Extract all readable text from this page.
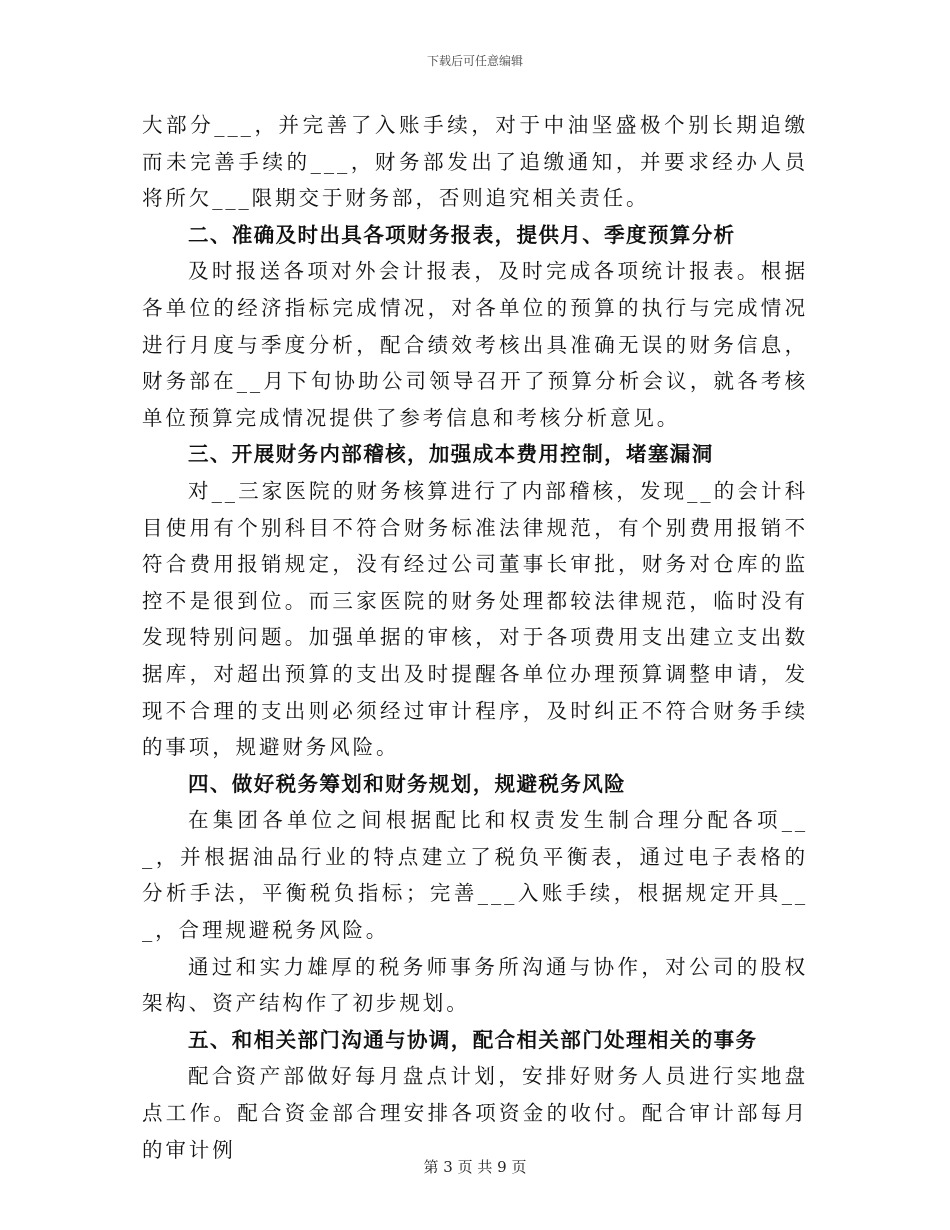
下载后可任意编辑

大部分___，并完善了入账手续，对于中油坚盛极个别长期追缴而未完善手续的___，财务部发出了追缴通知，并要求经办人员将所欠___限期交于财务部，否则追究相关责任。

二、准确及时出具各项财务报表，提供月、季度预算分析

及时报送各项对外会计报表，及时完成各项统计报表。根据各单位的经济指标完成情况，对各单位的预算的执行与完成情况进行月度与季度分析，配合绩效考核出具准确无误的财务信息，财务部在__月下旬协助公司领导召开了预算分析会议，就各考核单位预算完成情况提供了参考信息和考核分析意见。

三、开展财务内部稽核，加强成本费用控制，堵塞漏洞

对__三家医院的财务核算进行了内部稽核，发现__的会计科目使用有个别科目不符合财务标准法律规范，有个别费用报销不符合费用报销规定，没有经过公司董事长审批，财务对仓库的监控不是很到位。而三家医院的财务处理都较法律规范，临时没有发现特别问题。加强单据的审核，对于各项费用支出建立支出数据库，对超出预算的支出及时提醒各单位办理预算调整申请，发现不合理的支出则必须经过审计程序，及时纠正不符合财务手续的事项，规避财务风险。

四、做好税务筹划和财务规划，规避税务风险

在集团各单位之间根据配比和权责发生制合理分配各项___，并根据油品行业的特点建立了税负平衡表，通过电子表格的分析手法，平衡税负指标；完善___入账手续，根据规定开具___，合理规避税务风险。

通过和实力雄厚的税务师事务所沟通与协作，对公司的股权架构、资产结构作了初步规划。

五、和相关部门沟通与协调，配合相关部门处理相关的事务

配合资产部做好每月盘点计划，安排好财务人员进行实地盘点工作。配合资金部合理安排各项资金的收付。配合审计部每月的审计例

第 3 页 共 9 页
